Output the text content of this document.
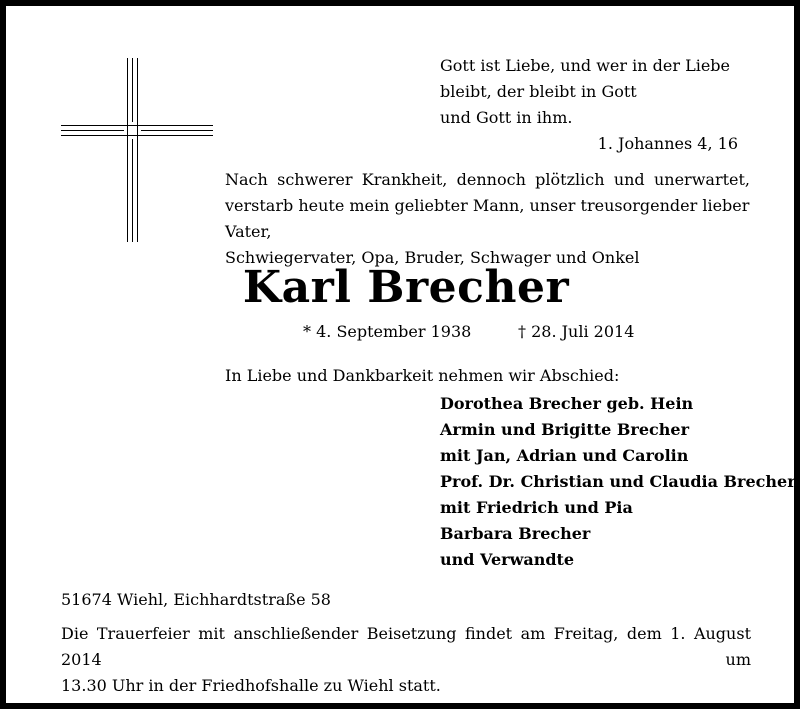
Gott ist Liebe, und wer in der Liebe
bleibt, der bleibt in Gott
und Gott in ihm.
1. Johannes 4, 16
Nach schwerer Krankheit, dennoch plötzlich und unerwartet,
verstarb heute mein geliebter Mann, unser treusorgender lieber Vater,
Schwiegervater, Opa, Bruder, Schwager und Onkel
Karl Brecher
* 4. September 1938	† 28. Juli 2014
In Liebe und Dankbarkeit nehmen wir Abschied:
Dorothea Brecher geb. Hein
Armin und Brigitte Brecher
mit Jan, Adrian und Carolin
Prof. Dr. Christian und Claudia Brecher
mit Friedrich und Pia
Barbara Brecher
und Verwandte
51674 Wiehl, Eichhardtstraße 58
Die Trauerfeier mit anschließender Beisetzung findet am Freitag, dem 1. August 2014 um
13.30 Uhr in der Friedhofshalle zu Wiehl statt.
